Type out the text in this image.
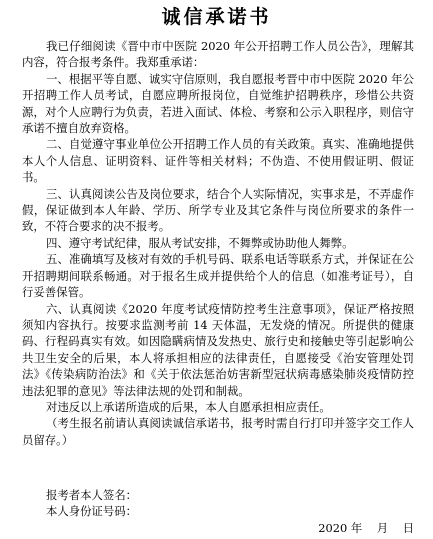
诚信承诺书

我已仔细阅读《晋中市中医院 2020 年公开招聘工作人员公告》，理解其内容，符合报考条件。我郑重承诺：

一、根据平等自愿、诚实守信原则，我自愿报考晋中市中医院 2020 年公开招聘工作人员考试，自愿应聘所报岗位，自觉维护招聘秩序，珍惜公共资源，对个人应聘行为负责，若进入面试、体检、考察和公示入职程序，则信守承诺不擅自放弃资格。

二、自觉遵守事业单位公开招聘工作人员的有关政策。真实、准确地提供本人个人信息、证明资料、证件等相关材料；不伪造、不使用假证明、假证书。

三、认真阅读公告及岗位要求，结合个人实际情况，实事求是，不弄虚作假，保证做到本人年龄、学历、所学专业及其它条件与岗位所要求的条件一致，不符合要求的决不报考。

四、遵守考试纪律，服从考试安排，不舞弊或协助他人舞弊。

五、准确填写及核对有效的手机号码、联系电话等联系方式，并保证在公开招聘期间联系畅通。对于报名生成并提供给个人的信息（如准考证号），自行妥善保管。

六、认真阅读《2020 年度考试疫情防控考生注意事项》，保证严格按照须知内容执行。按要求监测考前 14 天体温，无发烧的情况。所提供的健康码、行程码真实有效。如因隐瞒病情及发热史、旅行史和接触史等引起影响公共卫生安全的后果，本人将承担相应的法律责任，自愿接受《治安管理处罚法》《传染病防治法》和《关于依法惩治妨害新型冠状病毒感染肺炎疫情防控违法犯罪的意见》等法律法规的处罚和制裁。

对违反以上承诺所造成的后果，本人自愿承担相应责任。

（考生报名前请认真阅读诚信承诺书，报考时需自行打印并签字交工作人员留存。）

报考者本人签名：
本人身份证号码：
2020 年    月    日
